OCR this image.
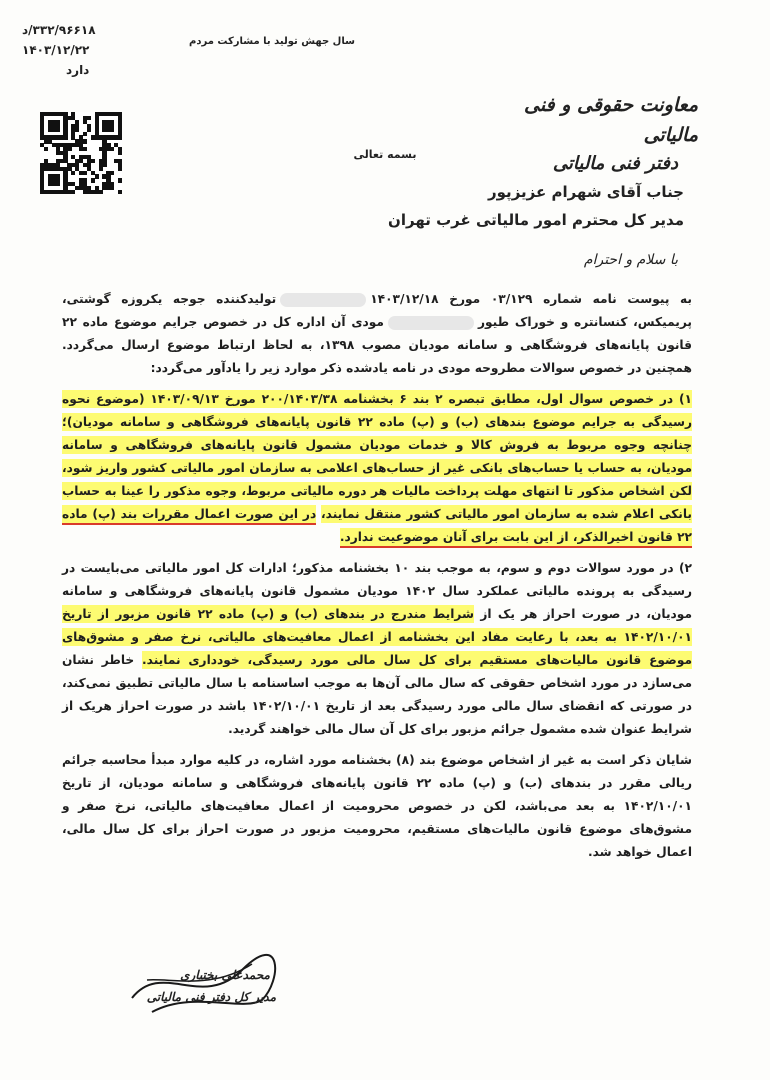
۳۳۲/۹۶۶۱۸/د
۱۴۰۳/۱۲/۲۲
دارد
سال جهش تولید با مشارکت مردم
معاونت حقوقی و فنی مالیاتی
دفتر فنی مالیاتی
بسمه تعالی
جناب آقای شهرام عزیزپور
مدیر کل محترم امور مالیاتی غرب تهران
با سلام و احترام
به پیوست نامه شماره ۰۳/۱۲۹ مورخ ۱۴۰۳/۱۲/۱۸تولیدکننده جوجه یکروزه گوشتی، پریمیکس، کنسانتره و خوراک طیورمودی آن اداره کل در خصوص جرایم موضوع ماده ۲۲ قانون پایانه‌های فروشگاهی و سامانه مودیان مصوب ۱۳۹۸، به لحاظ ارتباط موضوع ارسال می‌گردد. همچنین در خصوص سوالات مطروحه مودی در نامه یادشده ذکر موارد زیر را یادآور می‌گردد:
۱) در خصوص سوال اول، مطابق تبصره ۲ بند ۶ بخشنامه ۲۰۰/۱۴۰۳/۳۸ مورخ ۱۴۰۳/۰۹/۱۳ (موضوع نحوه رسیدگی به جرایم موضوع بندهای (ب) و (پ) ماده ۲۲ قانون پایانه‌های فروشگاهی و سامانه مودیان)؛ چنانچه وجوه مربوط به فروش کالا و خدمات مودیان مشمول قانون پایانه‌های فروشگاهی و سامانه مودیان، به حساب یا حساب‌های بانکی غیر از حساب‌های اعلامی به سازمان امور مالیاتی کشور واریز شود، لکن اشخاص مذکور تا انتهای مهلت پرداخت مالیات هر دوره مالیاتی مربوط، وجوه مذکور را عینا به حساب بانکی اعلام شده به سازمان امور مالیاتی کشور منتقل نمایند، در این صورت اعمال مقررات بند (پ) ماده ۲۲ قانون اخیرالذکر، از این بابت برای آنان موضوعیت ندارد.
۲) در مورد سوالات دوم و سوم، به موجب بند ۱۰ بخشنامه مذکور؛ ادارات کل امور مالیاتی می‌بایست در رسیدگی به پرونده مالیاتی عملکرد سال ۱۴۰۲ مودیان مشمول قانون پایانه‌های فروشگاهی و سامانه مودیان، در صورت احراز هر یک از شرایط مندرج در بندهای (ب) و (پ) ماده ۲۲ قانون مزبور از تاریخ ۱۴۰۲/۱۰/۰۱ به بعد، با رعایت مفاد این بخشنامه از اعمال معافیت‌های مالیاتی، نرخ صفر و مشوق‌های موضوع قانون مالیات‌های مستقیم برای کل سال مالی مورد رسیدگی، خودداری نمایند. خاطر نشان می‌سازد در مورد اشخاص حقوقی که سال مالی آن‌ها به موجب اساسنامه با سال مالیاتی تطبیق نمی‌کند، در صورتی که انقضای سال مالی مورد رسیدگی بعد از تاریخ ۱۴۰۲/۱۰/۰۱ باشد در صورت احراز هریک از شرایط عنوان شده مشمول جرائم مزبور برای کل آن سال مالی خواهند گردید.
شایان ذکر است به غیر از اشخاص موضوع بند (۸) بخشنامه مورد اشاره، در کلیه موارد مبدأ محاسبه جرائم ریالی مقرر در بندهای (ب) و (پ) ماده ۲۲ قانون پایانه‌های فروشگاهی و سامانه مودیان، از تاریخ ۱۴۰۲/۱۰/۰۱ به بعد می‌باشد، لکن در خصوص محرومیت از اعمال معافیت‌های مالیاتی، نرخ صفر و مشوق‌های موضوع قانون مالیات‌های مستقیم، محرومیت مزبور در صورت احراز برای کل سال مالی، اعمال خواهد شد.
محمدعلی بختیاری
مدیر کل دفتر فنی مالیاتی
